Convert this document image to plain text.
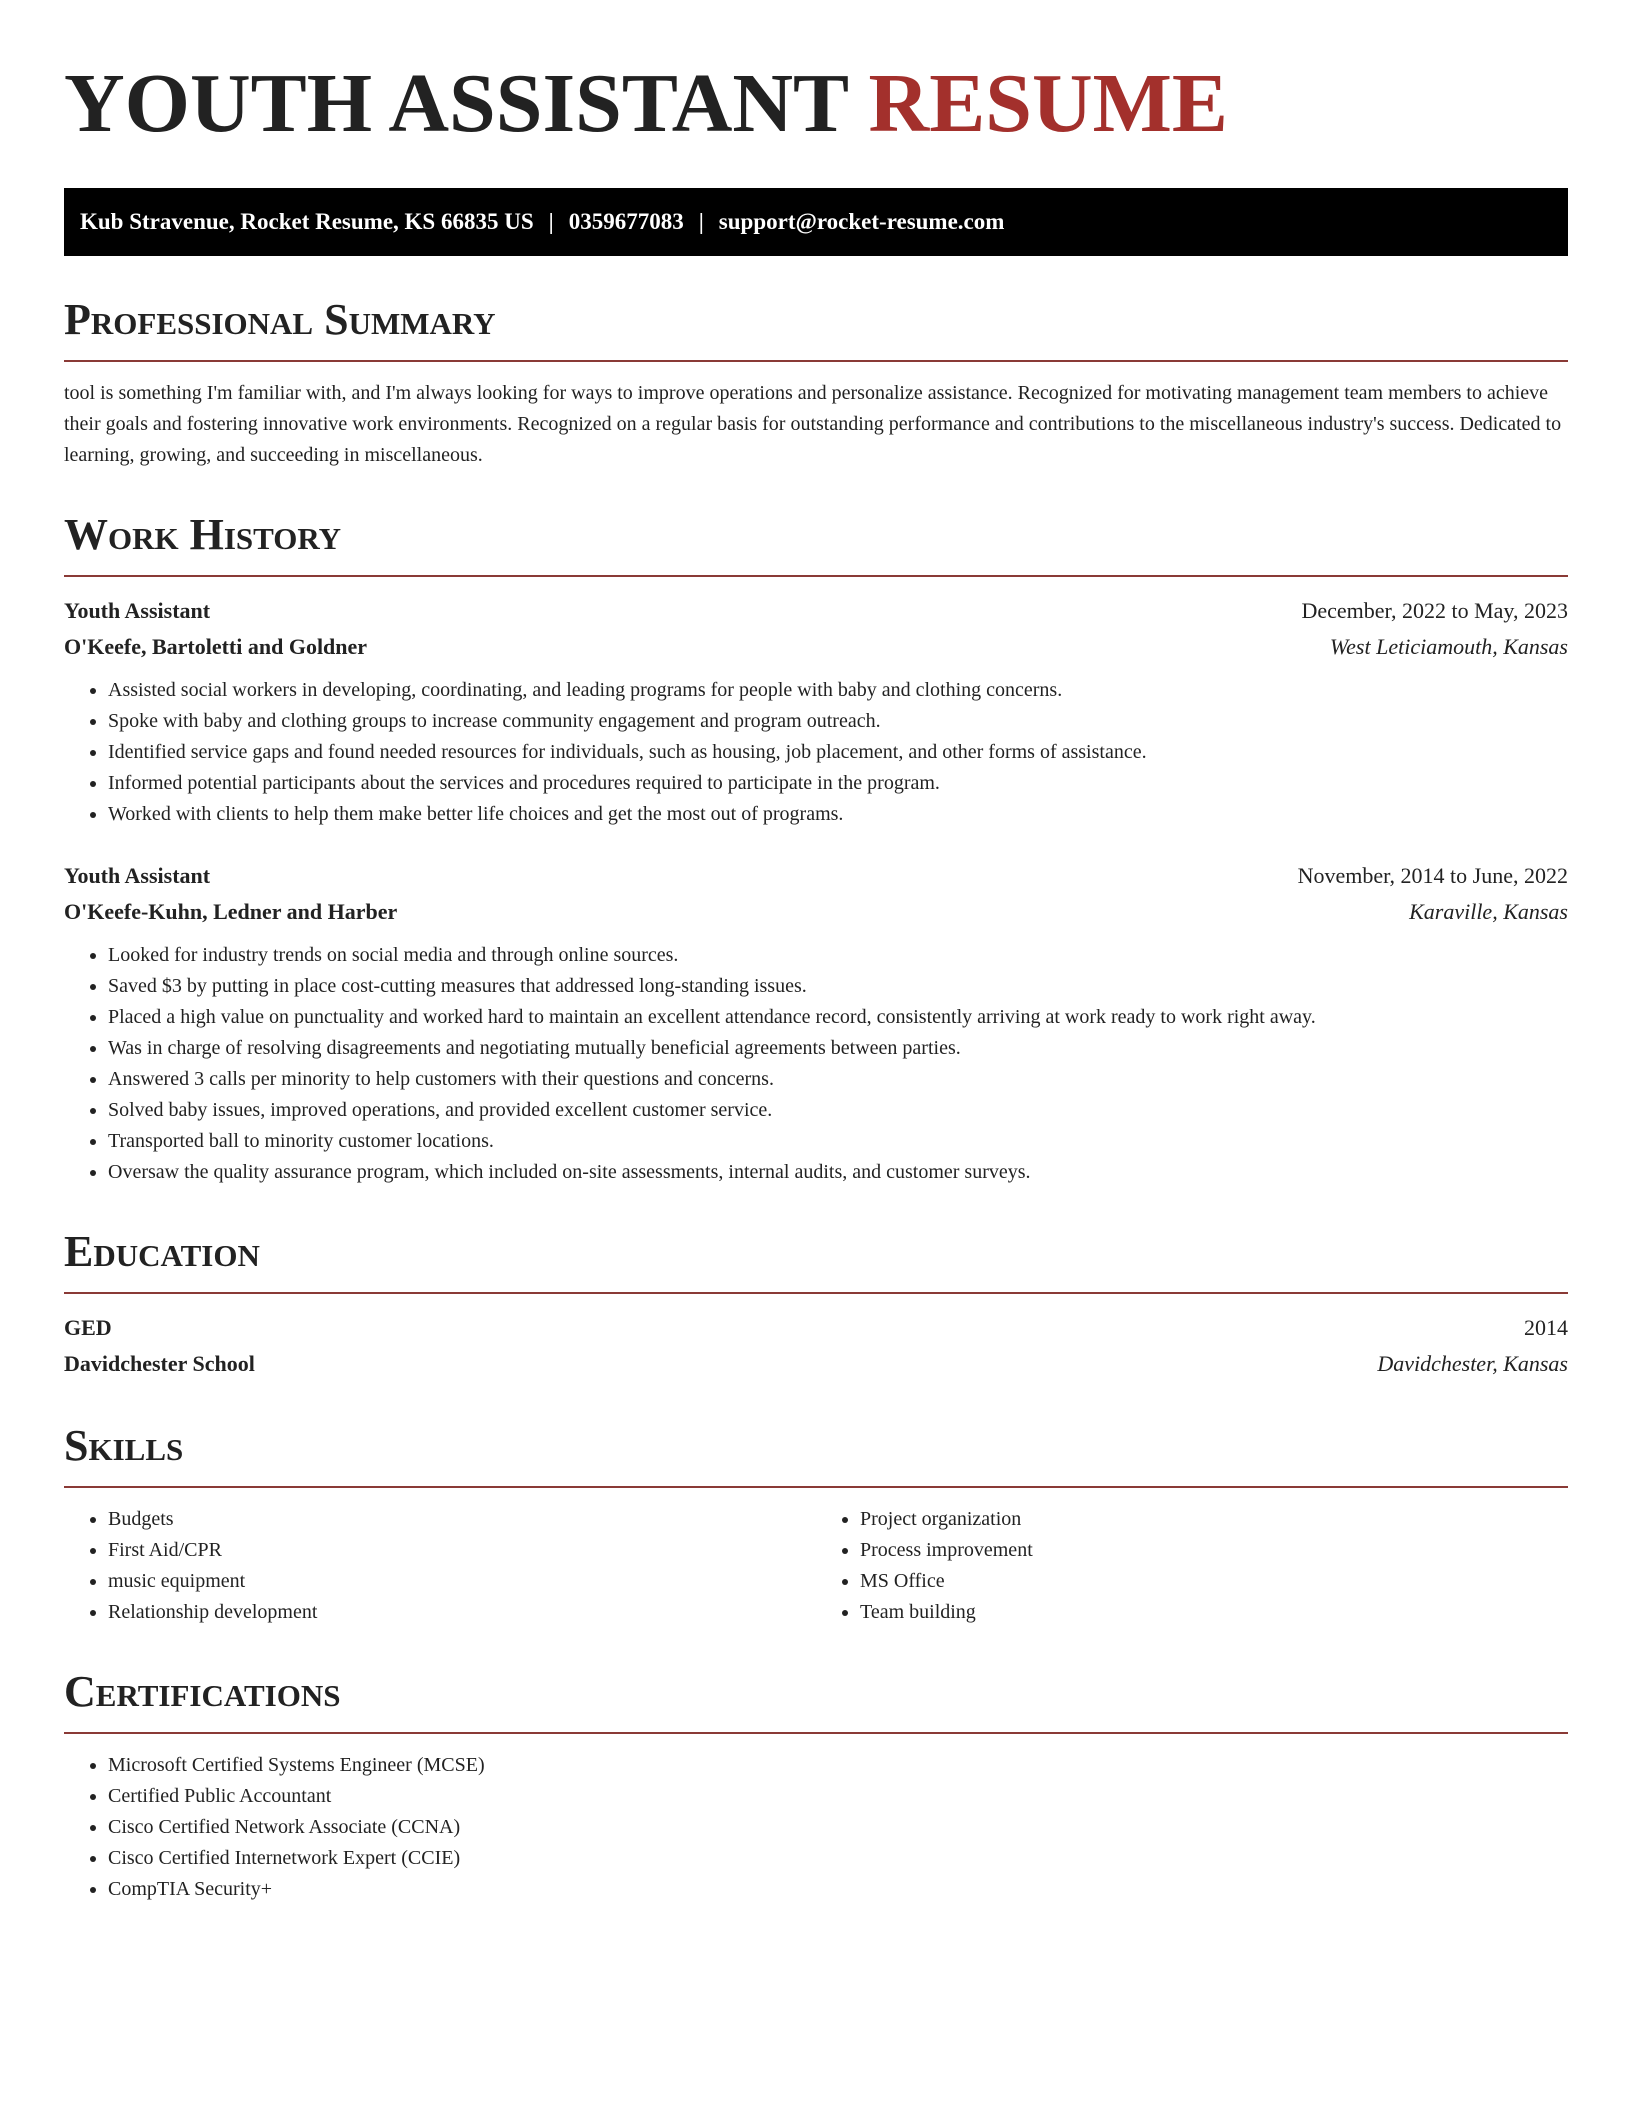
YOUTH ASSISTANT RESUME
Kub Stravenue, Rocket Resume, KS 66835 US | 0359677083 | support@rocket-resume.com
Professional Summary

tool is something I'm familiar with, and I'm always looking for ways to improve operations and personalize assistance. Recognized for motivating management team members to achieve their goals and fostering innovative work environments. Recognized on a regular basis for outstanding performance and contributions to the miscellaneous industry's success. Dedicated to learning, growing, and succeeding in miscellaneous.

Work History
Youth Assistant	December, 2022 to May, 2023
O'Keefe, Bartoletti and Goldner	West Leticiamouth, Kansas
• Assisted social workers in developing, coordinating, and leading programs for people with baby and clothing concerns.
• Spoke with baby and clothing groups to increase community engagement and program outreach.
• Identified service gaps and found needed resources for individuals, such as housing, job placement, and other forms of assistance.
• Informed potential participants about the services and procedures required to participate in the program.
• Worked with clients to help them make better life choices and get the most out of programs.
Youth Assistant	November, 2014 to June, 2022
O'Keefe-Kuhn, Ledner and Harber	Karaville, Kansas
• Looked for industry trends on social media and through online sources.
• Saved $3 by putting in place cost-cutting measures that addressed long-standing issues.
• Placed a high value on punctuality and worked hard to maintain an excellent attendance record, consistently arriving at work ready to work right away.
• Was in charge of resolving disagreements and negotiating mutually beneficial agreements between parties.
• Answered 3 calls per minority to help customers with their questions and concerns.
• Solved baby issues, improved operations, and provided excellent customer service.
• Transported ball to minority customer locations.
• Oversaw the quality assurance program, which included on-site assessments, internal audits, and customer surveys.
Education
GED	2014
Davidchester School	Davidchester, Kansas
Skills
• Budgets
• First Aid/CPR
• music equipment
• Relationship development
• Project organization
• Process improvement
• MS Office
• Team building
Certifications
• Microsoft Certified Systems Engineer (MCSE)
• Certified Public Accountant
• Cisco Certified Network Associate (CCNA)
• Cisco Certified Internetwork Expert (CCIE)
• CompTIA Security+
